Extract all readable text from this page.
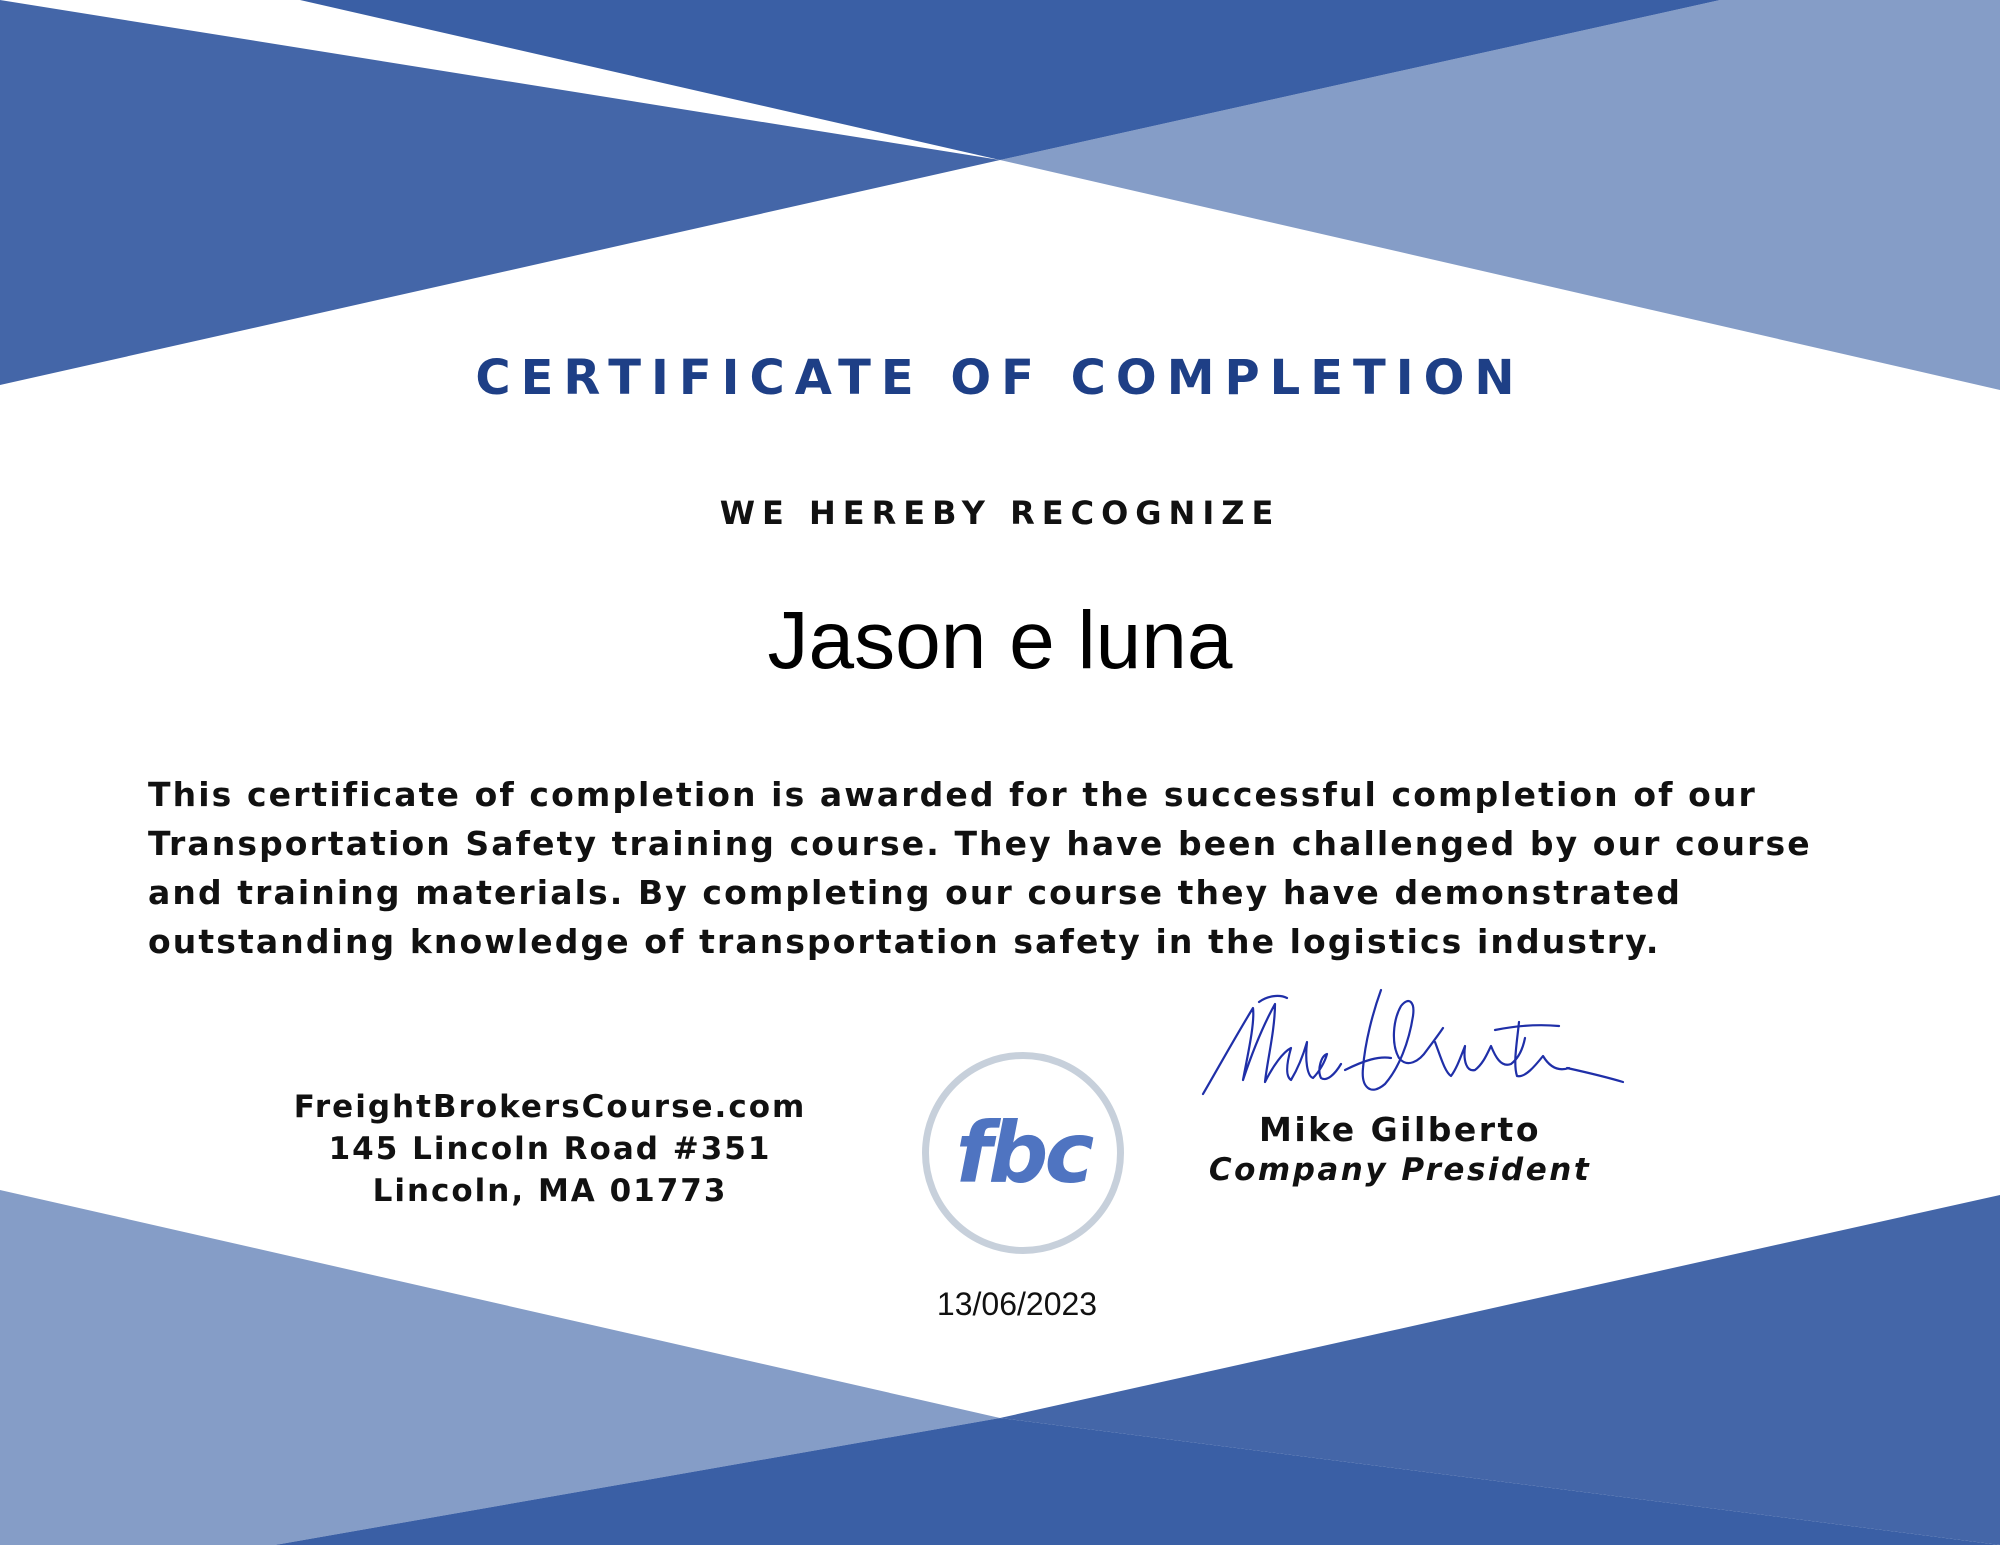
CERTIFICATE OF COMPLETION
WE HEREBY RECOGNIZE
Jason e luna

This certificate of completion is awarded for the successful completion of our Transportation Safety training course. They have been challenged by our course and training materials. By completing our course they have demonstrated outstanding knowledge of transportation safety in the logistics industry.

FreightBrokersCourse.com
145 Lincoln Road #351
Lincoln, MA 01773	fbc	Mike Gilberto
Company President
13/06/2023
